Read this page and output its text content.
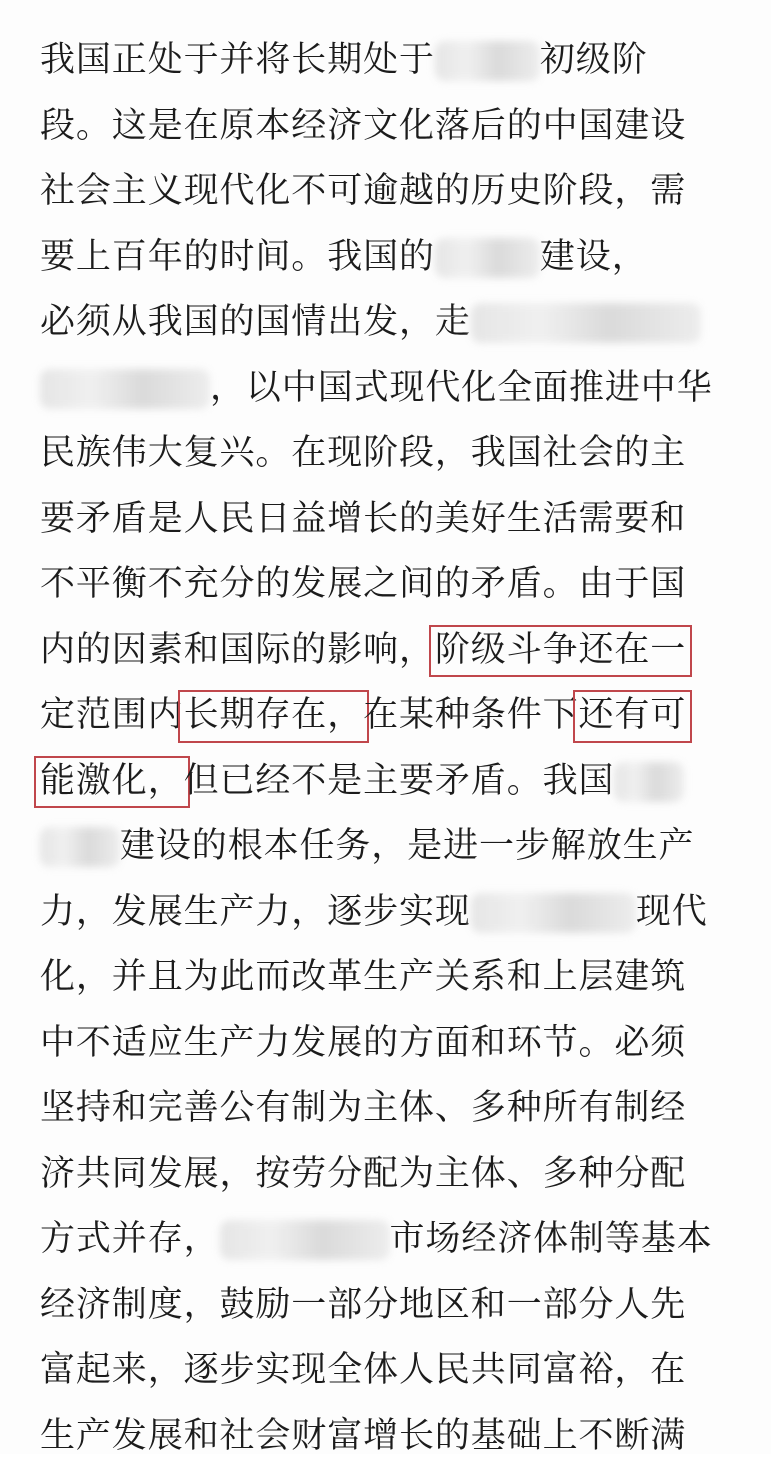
我国正处于并将长期处于	初级阶
段。这是在原本经济文化落后的中国建设
社会主义现代化不可逾越的历史阶段，需
要上百年的时间。我国的	建设，
必须从我国的国情出发，走
，以中国式现代化全面推进中华
民族伟大复兴。在现阶段，我国社会的主
要矛盾是人民日益增长的美好生活需要和
不平衡不充分的发展之间的矛盾。由于国
内的因素和国际的影响，阶级斗争还在一
定范围内长期存在，
在某种条件下还有可
能激化，
但已经不是主要矛盾。我国
建设的根本任务，是进一步解放生产
力，发展生产力，逐步实现	现代
化，并且为此而改革生产关系和上层建筑
中不适应生产力发展的方面和环节。必须
坚持和完善公有制为主体、多种所有制经
济共同发展，按劳分配为主体、多种分配
方式并存，	市场经济体制等基本
经济制度，鼓励一部分地区和一部分人先
富起来，逐步实现全体人民共同富裕，在
生产发展和社会财富增长的基础上不断满
